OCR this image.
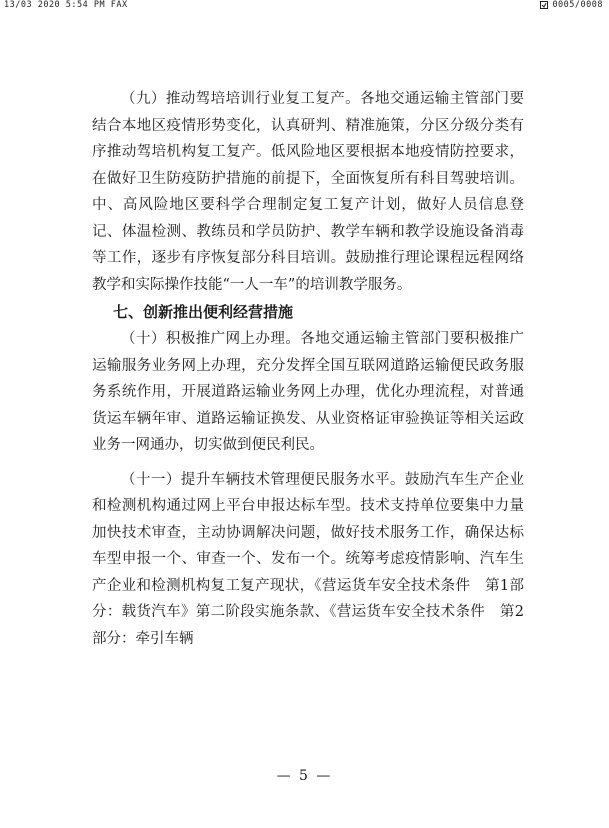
13/03 2020 5:54 PM FAX	0005/0008

（九）推动驾培培训行业复工复产。各地交通运输主管部门要结合本地区疫情形势变化，认真研判、精准施策，分区分级分类有序推动驾培机构复工复产。低风险地区要根据本地疫情防控要求，在做好卫生防疫防护措施的前提下，全面恢复所有科目驾驶培训。中、高风险地区要科学合理制定复工复产计划，做好人员信息登记、体温检测、教练员和学员防护、教学车辆和教学设施设备消毒等工作，逐步有序恢复部分科目培训。鼓励推行理论课程远程网络教学和实际操作技能“一人一车”的培训教学服务。

七、创新推出便利经营措施

（十）积极推广网上办理。各地交通运输主管部门要积极推广运输服务业务网上办理，充分发挥全国互联网道路运输便民政务服务系统作用，开展道路运输业务网上办理，优化办理流程，对普通货运车辆年审、道路运输证换发、从业资格证审验换证等相关运政业务一网通办，切实做到便民利民。

（十一）提升车辆技术管理便民服务水平。鼓励汽车生产企业和检测机构通过网上平台申报达标车型。技术支持单位要集中力量加快技术审查，主动协调解决问题，做好技术服务工作，确保达标车型申报一个、审查一个、发布一个。统筹考虑疫情影响、汽车生产企业和检测机构复工复产现状，《营运货车安全技术条件　第1部分：载货汽车》第二阶段实施条款、《营运货车安全技术条件　第2部分：牵引车辆

— 5 —
